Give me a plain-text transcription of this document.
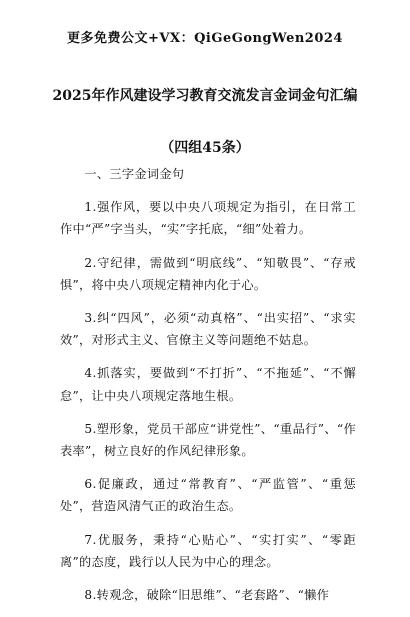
更多免费公文+VX：QiGeGongWen2024
2025年作风建设学习教育交流发言金词金句汇编（四组45条）

一、三字金词金句

1.强作风，要以中央八项规定为指引，在日常工作中“严”字当头，“实”字托底，“细”处着力。

2.守纪律，需做到“明底线”、“知敬畏”、“存戒惧”，将中央八项规定精神内化于心。

3.纠“四风”，必须“动真格”、“出实招”、“求实效”，对形式主义、官僚主义等问题绝不姑息。

4.抓落实，要做到“不打折”、“不拖延”、“不懈怠”，让中央八项规定落地生根。

5.塑形象，党员干部应“讲党性”、“重品行”、“作表率”，树立良好的作风纪律形象。

6.促廉政，通过“常教育”、“严监管”、“重惩处”，营造风清气正的政治生态。

7.优服务，秉持“心贴心”、“实打实”、“零距离”的态度，践行以人民为中心的理念。

8.转观念，破除“旧思维”、“老套路”、“懒作
